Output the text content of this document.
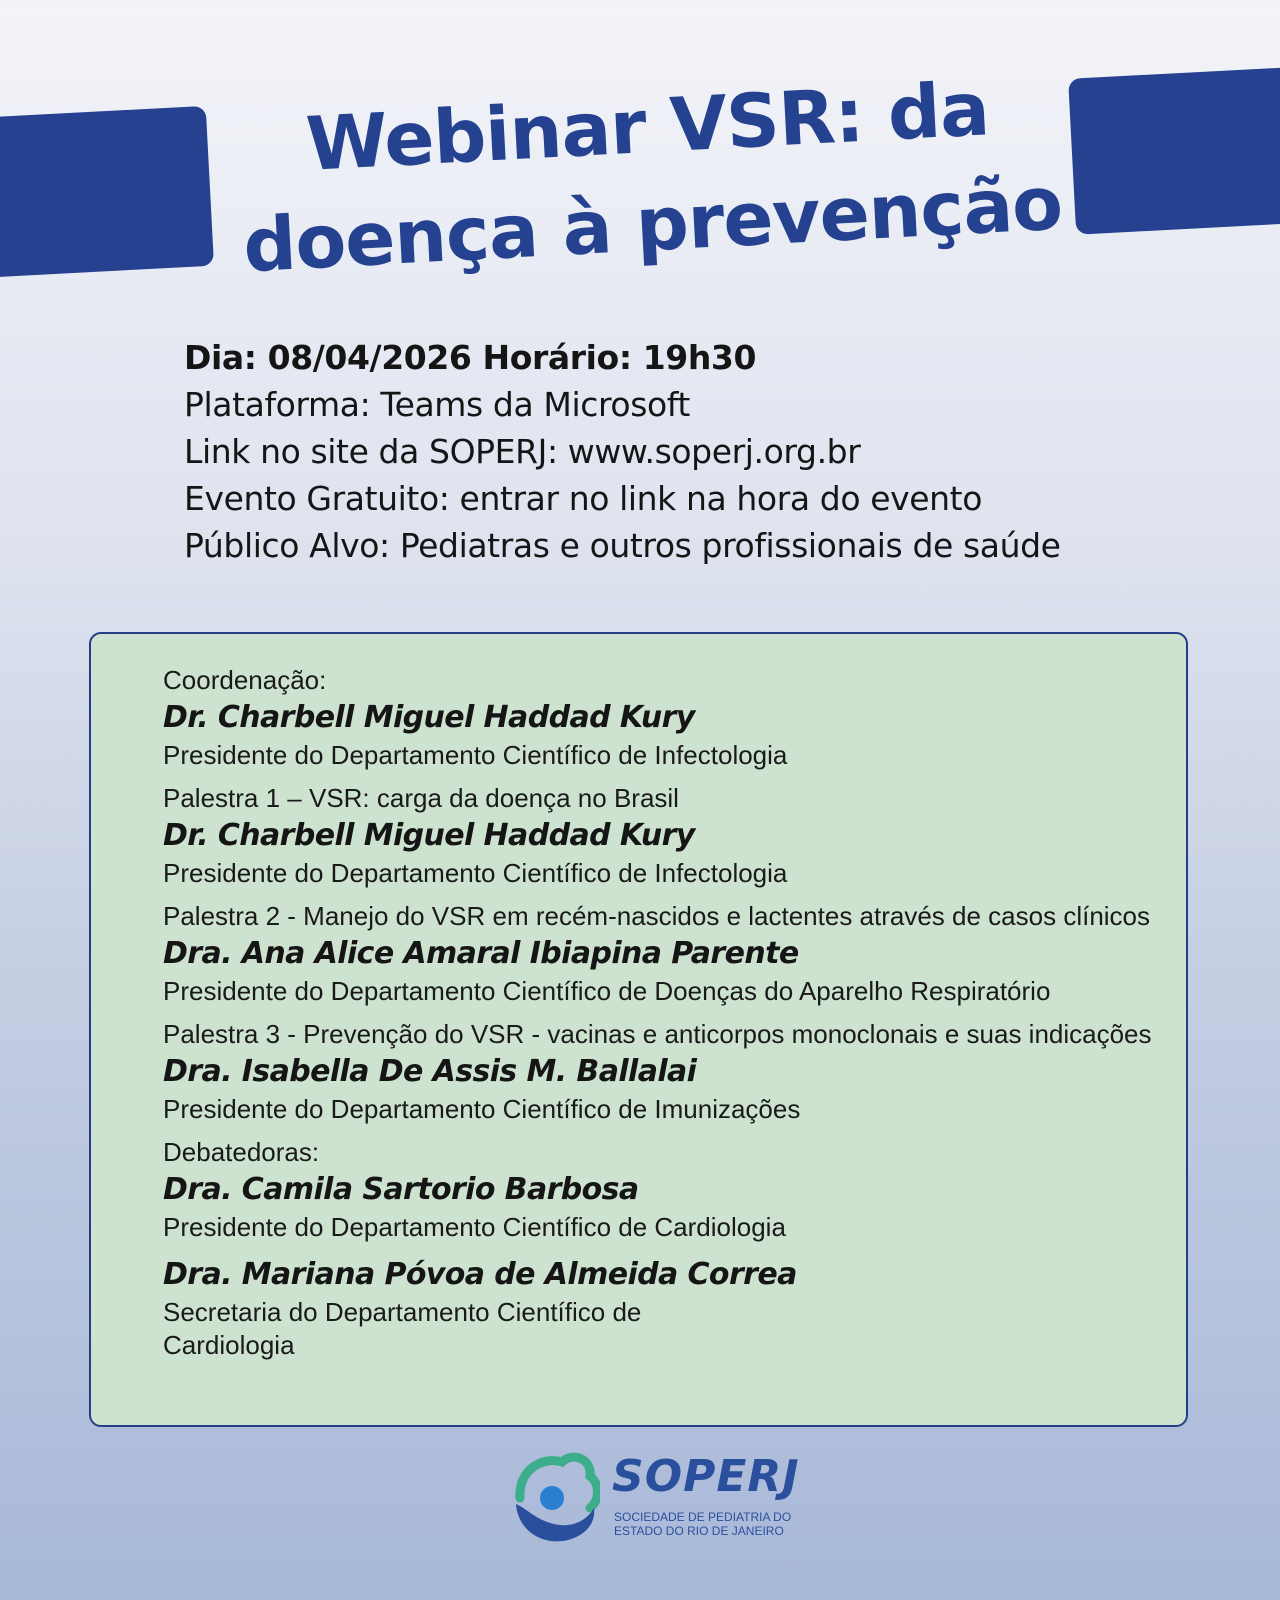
Webinar VSR: da
doença à prevenção
Dia: 08/04/2026 Horário: 19h30
Plataforma: Teams da Microsoft
Link no site da SOPERJ: www.soperj.org.br
Evento Gratuito: entrar no link na hora do evento
Público Alvo: Pediatras e outros profissionais de saúde
Coordenação:
Dr. Charbell Miguel Haddad Kury
Presidente do Departamento Científico de Infectologia
Palestra 1 – VSR: carga da doença no Brasil
Dr. Charbell Miguel Haddad Kury
Presidente do Departamento Científico de Infectologia
Palestra 2 - Manejo do VSR em recém-nascidos e lactentes através de casos clínicos
Dra. Ana Alice Amaral Ibiapina Parente
Presidente do Departamento Científico de Doenças do Aparelho Respiratório
Palestra 3 - Prevenção do VSR - vacinas e anticorpos monoclonais e suas indicações
Dra. Isabella De Assis M. Ballalai
Presidente do Departamento Científico de Imunizações
Debatedoras:
Dra. Camila Sartorio Barbosa
Presidente do Departamento Científico de Cardiologia
Dra. Mariana Póvoa de Almeida Correa
Secretaria do Departamento Científico de
Cardiologia
SOPERJ
SOCIEDADE DE PEDIATRIA DO
ESTADO DO RIO DE JANEIRO
